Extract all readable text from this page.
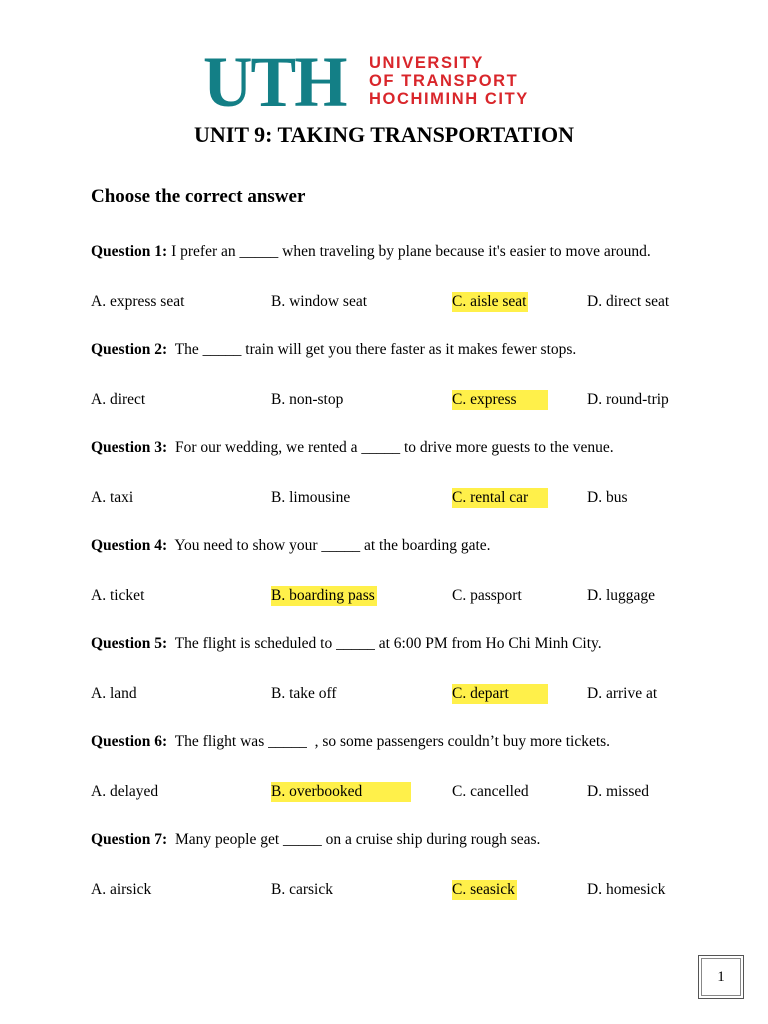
UTH UNIVERSITY
OF TRANSPORT
HOCHIMINH CITY
UNIT 9: TAKING TRANSPORTATION
Choose the correct answer
Question 1: I prefer an _____ when traveling by plane because it's easier to move around.
A. express seat	B. window seat	C. aisle seat	D. direct seat
Question 2:  The _____ train will get you there faster as it makes fewer stops.
A. direct	B. non-stop	C. express	D. round-trip
Question 3:  For our wedding, we rented a _____ to drive more guests to the venue.
A. taxi	B. limousine	C. rental car	D. bus
Question 4:  You need to show your _____ at the boarding gate.
A. ticket	B. boarding pass	C. passport	D. luggage
Question 5:  The flight is scheduled to _____ at 6:00 PM from Ho Chi Minh City.
A. land	B. take off	C. depart	D. arrive at
Question 6:  The flight was _____  , so some passengers couldn’t buy more tickets.
A. delayed	B. overbooked	C. cancelled	D. missed
Question 7:  Many people get _____ on a cruise ship during rough seas.
A. airsick	B. carsick	C. seasick	D. homesick
1
